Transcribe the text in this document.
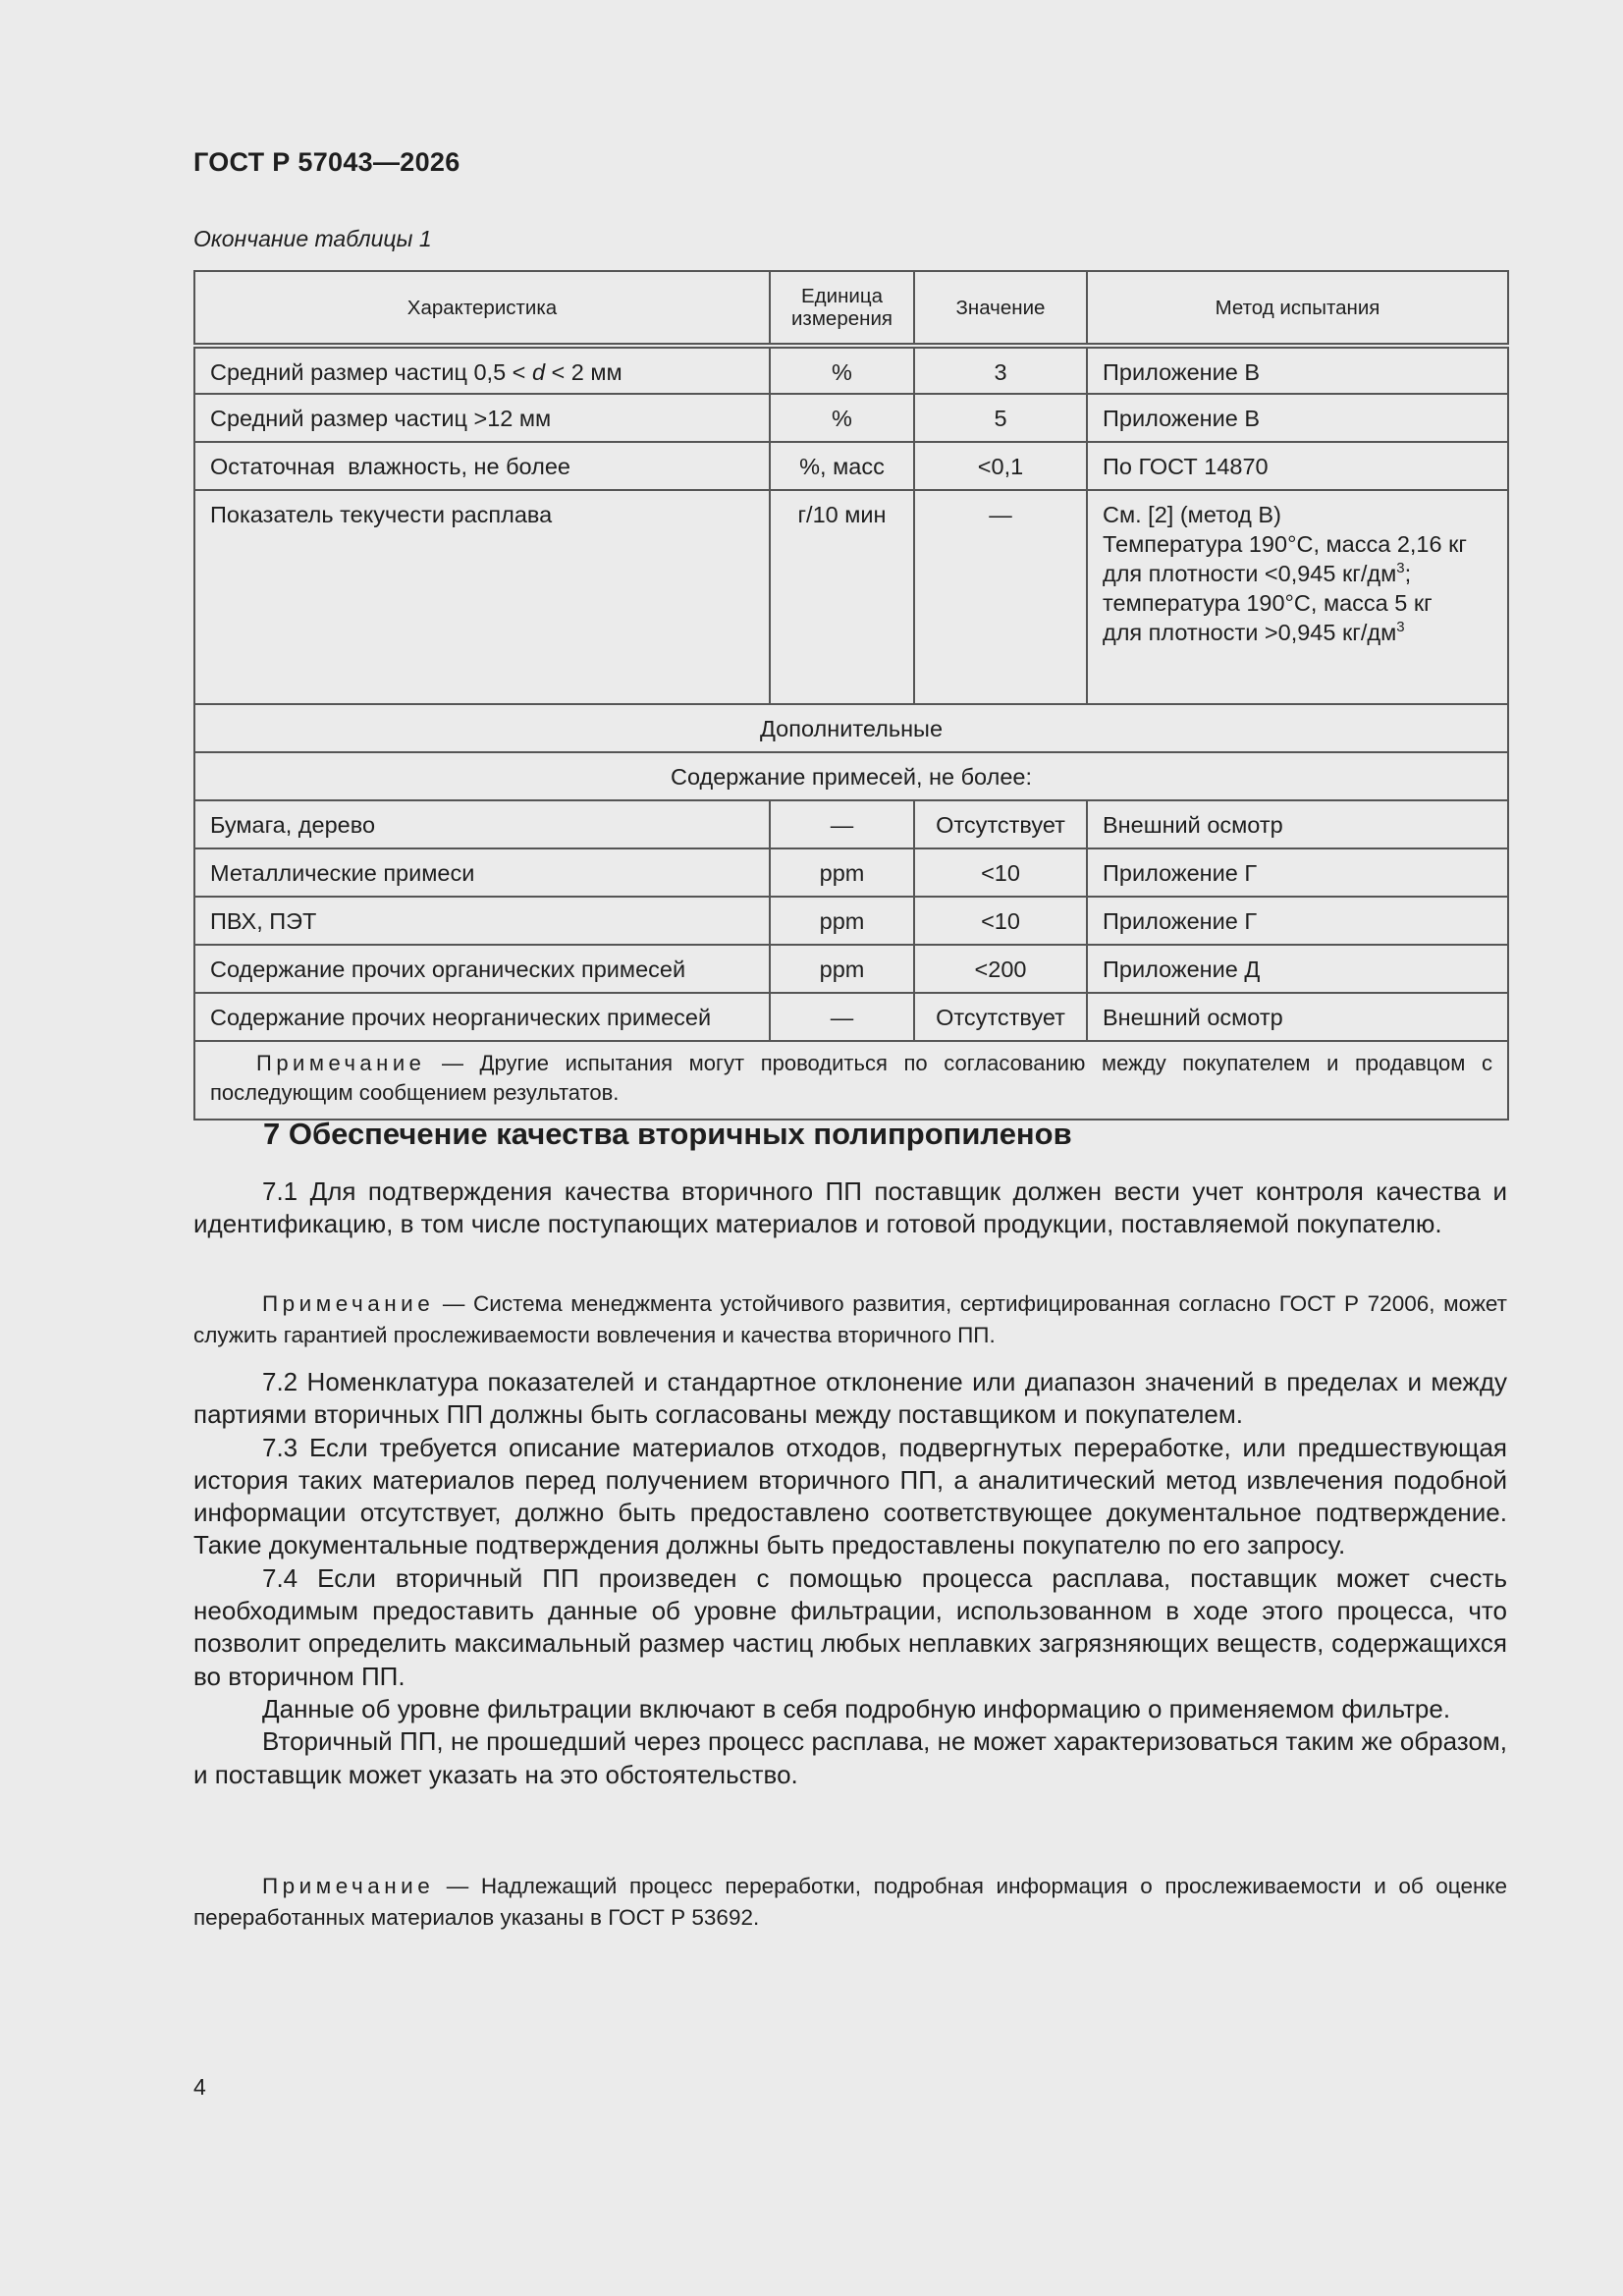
ГОСТ Р 57043—2026
Окончание таблицы 1
Характеристика	Единица измерения	Значение	Метод испытания
Средний размер частиц 0,5 < d < 2 мм	%	3	Приложение В
Средний размер частиц >12 мм	%	5	Приложение В
Остаточная  влажность, не более	%, масс	<0,1	По ГОСТ 14870
Показатель текучести расплава	г/10 мин	—	См. [2] (метод B)
Температура 190°С, масса 2,16 кг
для плотности <0,945 $кг/дм^3$;
температура 190°С, масса 5 кг
для плотности >0,945 $кг/дм^3$

Дополнительные			
Содержание примесей, не более:			
Бумага, дерево	—	Отсутствует	Внешний осмотр
Металлические примеси	ppm	<10	Приложение Г
ПВХ, ПЭТ	ppm	<10	Приложение Г
Содержание прочих органических примесей	ppm	<200	Приложение Д
Содержание прочих неорганических примесей	—	Отсутствует	Внешний осмотр
Примечание — Другие испытания могут проводиться по согласованию между покупателем и продавцом с последующим сообщением результатов.			
7 Обеспечение качества вторичных полипропиленов

7.1 Для подтверждения качества вторичного ПП поставщик должен вести учет контроля качества и идентификацию, в том числе поступающих материалов и готовой продукции, поставляемой покупателю.

Примечание — Система менеджмента устойчивого развития, сертифицированная согласно ГОСТ Р 72006, может служить гарантией прослеживаемости вовлечения и качества вторичного ПП.

7.2 Номенклатура показателей и стандартное отклонение или диапазон значений в пределах и между партиями вторичных ПП должны быть согласованы между поставщиком и покупателем.

7.3 Если требуется описание материалов отходов, подвергнутых переработке, или предшествующая история таких материалов перед получением вторичного ПП, а аналитический метод извлечения подобной информации отсутствует, должно быть предоставлено соответствующее документальное подтверждение. Такие документальные подтверждения должны быть предоставлены покупателю по его запросу.

7.4 Если вторичный ПП произведен с помощью процесса расплава, поставщик может счесть необходимым предоставить данные об уровне фильтрации, использованном в ходе этого процесса, что позволит определить максимальный размер частиц любых неплавких загрязняющих веществ, содержащихся во вторичном ПП.

Данные об уровне фильтрации включают в себя подробную информацию о применяемом фильтре.

Вторичный ПП, не прошедший через процесс расплава, не может характеризоваться таким же образом, и поставщик может указать на это обстоятельство.

Примечание — Надлежащий процесс переработки, подробная информация о прослеживаемости и об оценке переработанных материалов указаны в ГОСТ Р 53692.

4
